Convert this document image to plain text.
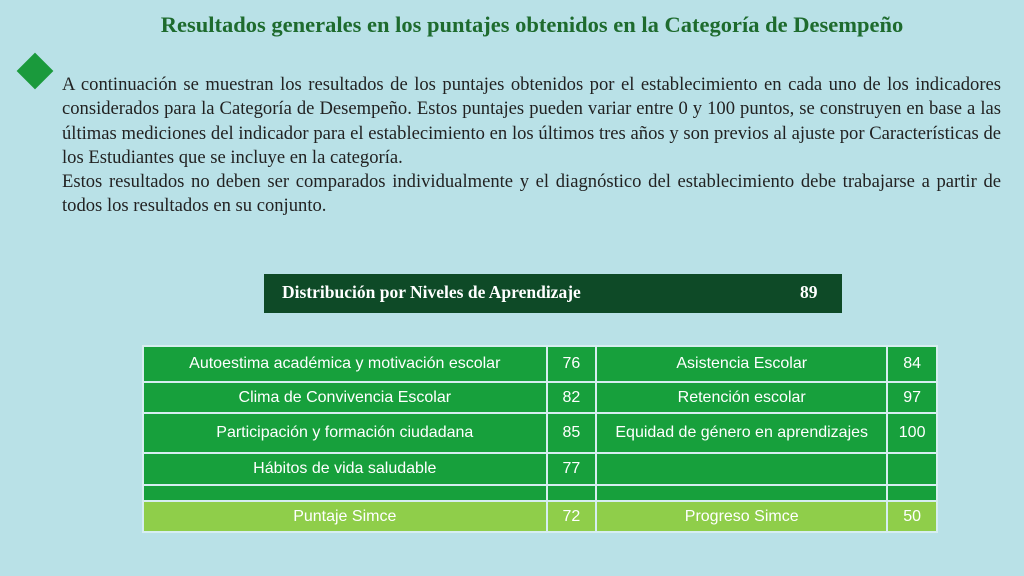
Resultados generales en los puntajes obtenidos en la Categoría de Desempeño

A continuación se muestran los resultados de los puntajes obtenidos por el establecimiento en cada uno de los indicadores considerados para la Categoría de Desempeño. Estos puntajes pueden variar entre 0 y 100 puntos, se construyen en base a las últimas mediciones del indicador para el establecimiento en los últimos tres años y son previos al ajuste por Características de los Estudiantes que se incluye en la categoría.

Estos resultados no deben ser comparados individualmente y el diagnóstico del establecimiento debe trabajarse a partir de todos los resultados en su conjunto.

Distribución por Niveles de Aprendizaje	89
Autoestima académica y motivación escolar	76	Asistencia Escolar	84
Clima de Convivencia Escolar	82	Retención escolar	97
Participación y formación ciudadana	85	Equidad de género en aprendizajes	100
Hábitos de vida saludable	77		

Puntaje Simce	72	Progreso Simce	50
